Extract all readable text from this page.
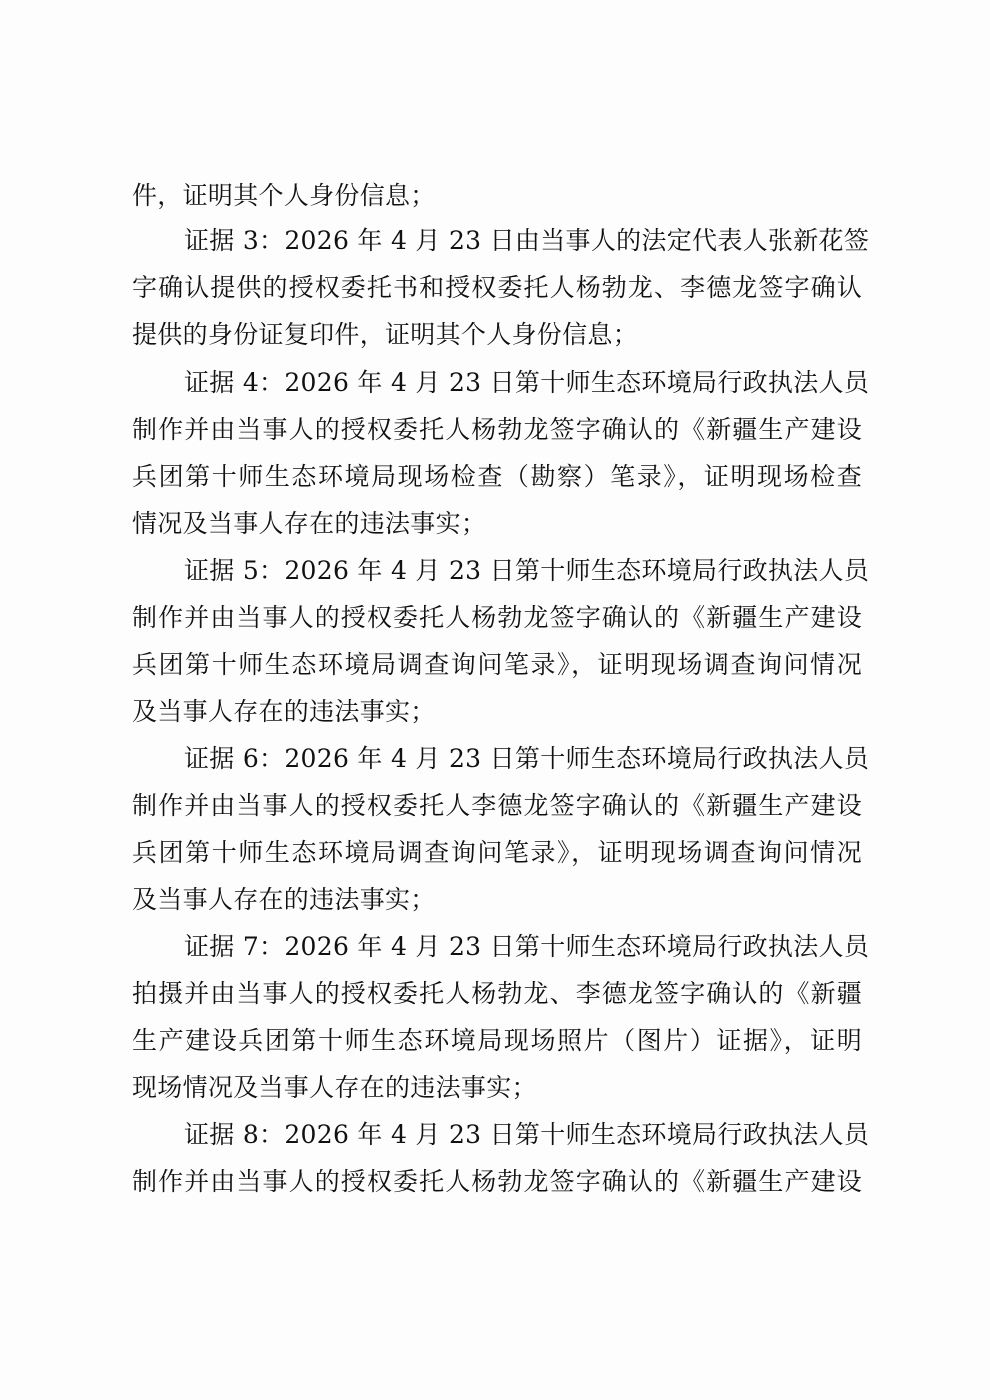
件，证明其个人身份信息；
证据 3：2026 年 4 月 23 日由当事人的法定代表人张新花签
字确认提供的授权委托书和授权委托人杨勃龙、李德龙签字确认
提供的身份证复印件，证明其个人身份信息；
证据 4：2026 年 4 月 23 日第十师生态环境局行政执法人员
制作并由当事人的授权委托人杨勃龙签字确认的《新疆生产建设
兵团第十师生态环境局现场检查（勘察）笔录》，证明现场检查
情况及当事人存在的违法事实；
证据 5：2026 年 4 月 23 日第十师生态环境局行政执法人员
制作并由当事人的授权委托人杨勃龙签字确认的《新疆生产建设
兵团第十师生态环境局调查询问笔录》，证明现场调查询问情况
及当事人存在的违法事实；
证据 6：2026 年 4 月 23 日第十师生态环境局行政执法人员
制作并由当事人的授权委托人李德龙签字确认的《新疆生产建设
兵团第十师生态环境局调查询问笔录》，证明现场调查询问情况
及当事人存在的违法事实；
证据 7：2026 年 4 月 23 日第十师生态环境局行政执法人员
拍摄并由当事人的授权委托人杨勃龙、李德龙签字确认的《新疆
生产建设兵团第十师生态环境局现场照片（图片）证据》，证明
现场情况及当事人存在的违法事实；
证据 8：2026 年 4 月 23 日第十师生态环境局行政执法人员
制作并由当事人的授权委托人杨勃龙签字确认的《新疆生产建设
